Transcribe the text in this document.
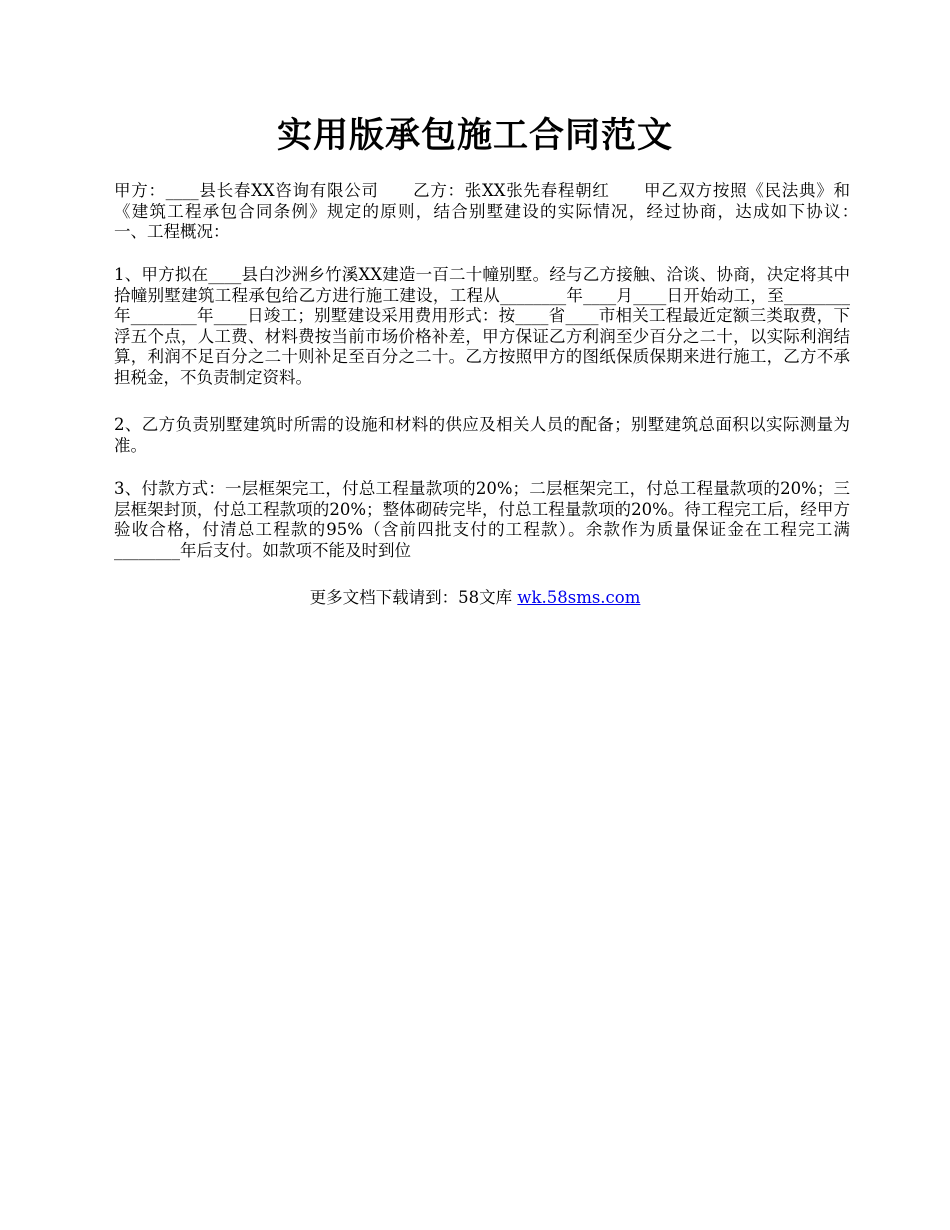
实用版承包施工合同范文
甲方：____县长春XX咨询有限公司　　乙方：张XX张先春程朝红　　甲乙双方按照《民法典》和《建筑工程承包合同条例》规定的原则，结合别墅建设的实际情况，经过协商，达成如下协议：　　一、工程概况：
1、甲方拟在____县白沙洲乡竹溪XX建造一百二十幢别墅。经与乙方接触、洽谈、协商，决定将其中拾幢别墅建筑工程承包给乙方进行施工建设，工程从________年____月____日开始动工，至________年________年____日竣工；别墅建设采用费用形式：按____省____市相关工程最近定额三类取费，下浮五个点，人工费、材料费按当前市场价格补差，甲方保证乙方利润至少百分之二十，以实际利润结算，利润不足百分之二十则补足至百分之二十。乙方按照甲方的图纸保质保期来进行施工，乙方不承担税金，不负责制定资料。
2、乙方负责别墅建筑时所需的设施和材料的供应及相关人员的配备；别墅建筑总面积以实际测量为准。
3、付款方式：一层框架完工，付总工程量款项的20%；二层框架完工，付总工程量款项的20%；三层框架封顶，付总工程款项的20%；整体砌砖完毕，付总工程量款项的20%。待工程完工后，经甲方验收合格，付清总工程款的95%（含前四批支付的工程款）。余款作为质量保证金在工程完工满________年后支付。如款项不能及时到位
更多文档下载请到：58文库 wk.58sms.com
